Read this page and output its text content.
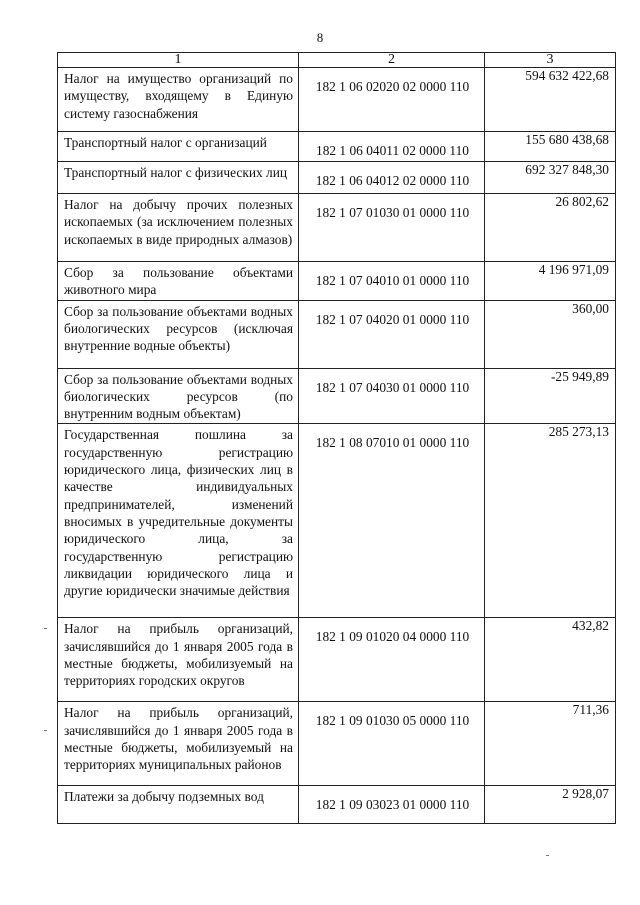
8
1	2	3
Налог на имущество организаций по имуществу, входящему в Единую систему газоснабжения	182 1 06 02020 02 0000 110	594 632 422,68
Транспортный налог с организаций	182 1 06 04011 02 0000 110	155 680 438,68
Транспортный налог с физических лиц	182 1 06 04012 02 0000 110	692 327 848,30
Налог на добычу прочих полезных ископаемых (за исключением полезных ископаемых в виде природных алмазов)	182 1 07 01030 01 0000 110	26 802,62
Сбор за пользование объектами животного мира	182 1 07 04010 01 0000 110	4 196 971,09
Сбор за пользование объектами водных биологических ресурсов (исключая внутренние водные объекты)	182 1 07 04020 01 0000 110	360,00
Сбор за пользование объектами водных биологических ресурсов (по внутренним водным объектам)	182 1 07 04030 01 0000 110	-25 949,89
Государственная пошлина за государственную регистрацию юридического лица, физических лиц в качестве индивидуальных предпринимателей, изменений вносимых в учредительные документы юридического лица, за государственную регистрацию ликвидации юридического лица и другие юридически значимые действия	182 1 08 07010 01 0000 110	285 273,13
Налог на прибыль организаций, зачислявшийся до 1 января 2005 года в местные бюджеты, мобилизуемый на территориях городских округов	182 1 09 01020 04 0000 110	432,82
Налог на прибыль организаций, зачислявшийся до 1 января 2005 года в местные бюджеты, мобилизуемый на территориях муниципальных районов	182 1 09 01030 05 0000 110	711,36
Платежи за добычу подземных вод	182 1 09 03023 01 0000 110	2 928,07
